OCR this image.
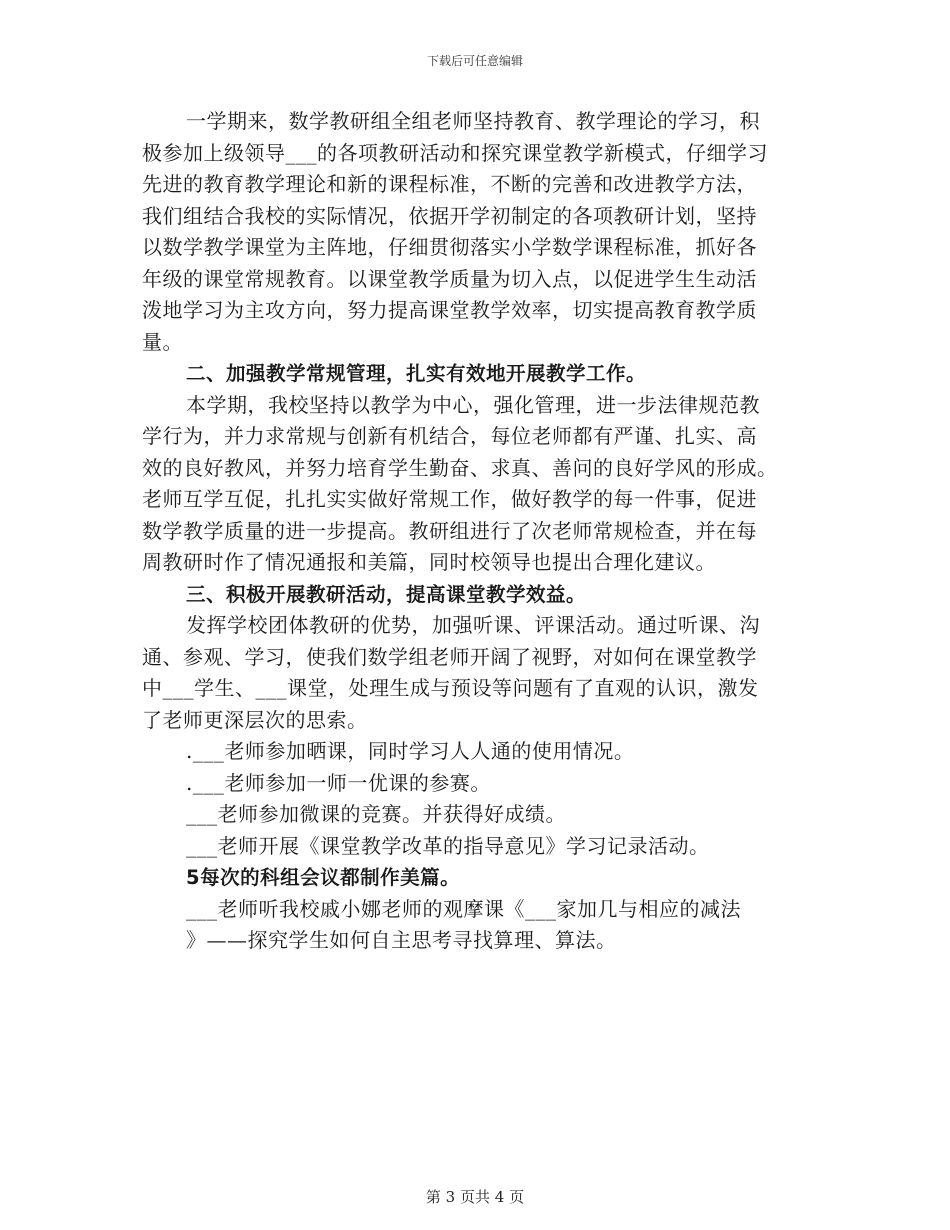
下载后可任意编辑

一学期来，数学教研组全组老师坚持教育、教学理论的学习，积

极参加上级领导___的各项教研活动和探究课堂教学新模式，仔细学习

先进的教育教学理论和新的课程标准，不断的完善和改进教学方法，

我们组结合我校的实际情况，依据开学初制定的各项教研计划，坚持

以数学教学课堂为主阵地，仔细贯彻落实小学数学课程标准，抓好各

年级的课堂常规教育。以课堂教学质量为切入点，以促进学生生动活

泼地学习为主攻方向，努力提高课堂教学效率，切实提高教育教学质

量。

二、加强教学常规管理，扎实有效地开展教学工作。

本学期，我校坚持以教学为中心，强化管理，进一步法律规范教

学行为，并力求常规与创新有机结合，每位老师都有严谨、扎实、高

效的良好教风，并努力培育学生勤奋、求真、善问的良好学风的形成。

老师互学互促，扎扎实实做好常规工作，做好教学的每一件事，促进

数学教学质量的进一步提高。教研组进行了次老师常规检查，并在每

周教研时作了情况通报和美篇，同时校领导也提出合理化建议。

三、积极开展教研活动，提高课堂教学效益。

发挥学校团体教研的优势，加强听课、评课活动。通过听课、沟

通、参观、学习，使我们数学组老师开阔了视野，对如何在课堂教学

中___学生、___课堂，处理生成与预设等问题有了直观的认识，激发

了老师更深层次的思索。

.___老师参加晒课，同时学习人人通的使用情况。

.___老师参加一师一优课的参赛。

___老师参加微课的竞赛。并获得好成绩。

___老师开展《课堂教学改革的指导意见》学习记录活动。

5每次的科组会议都制作美篇。

___老师听我校戚小娜老师的观摩课《___家加几与相应的减法

》——探究学生如何自主思考寻找算理、算法。

第 3 页共 4 页
